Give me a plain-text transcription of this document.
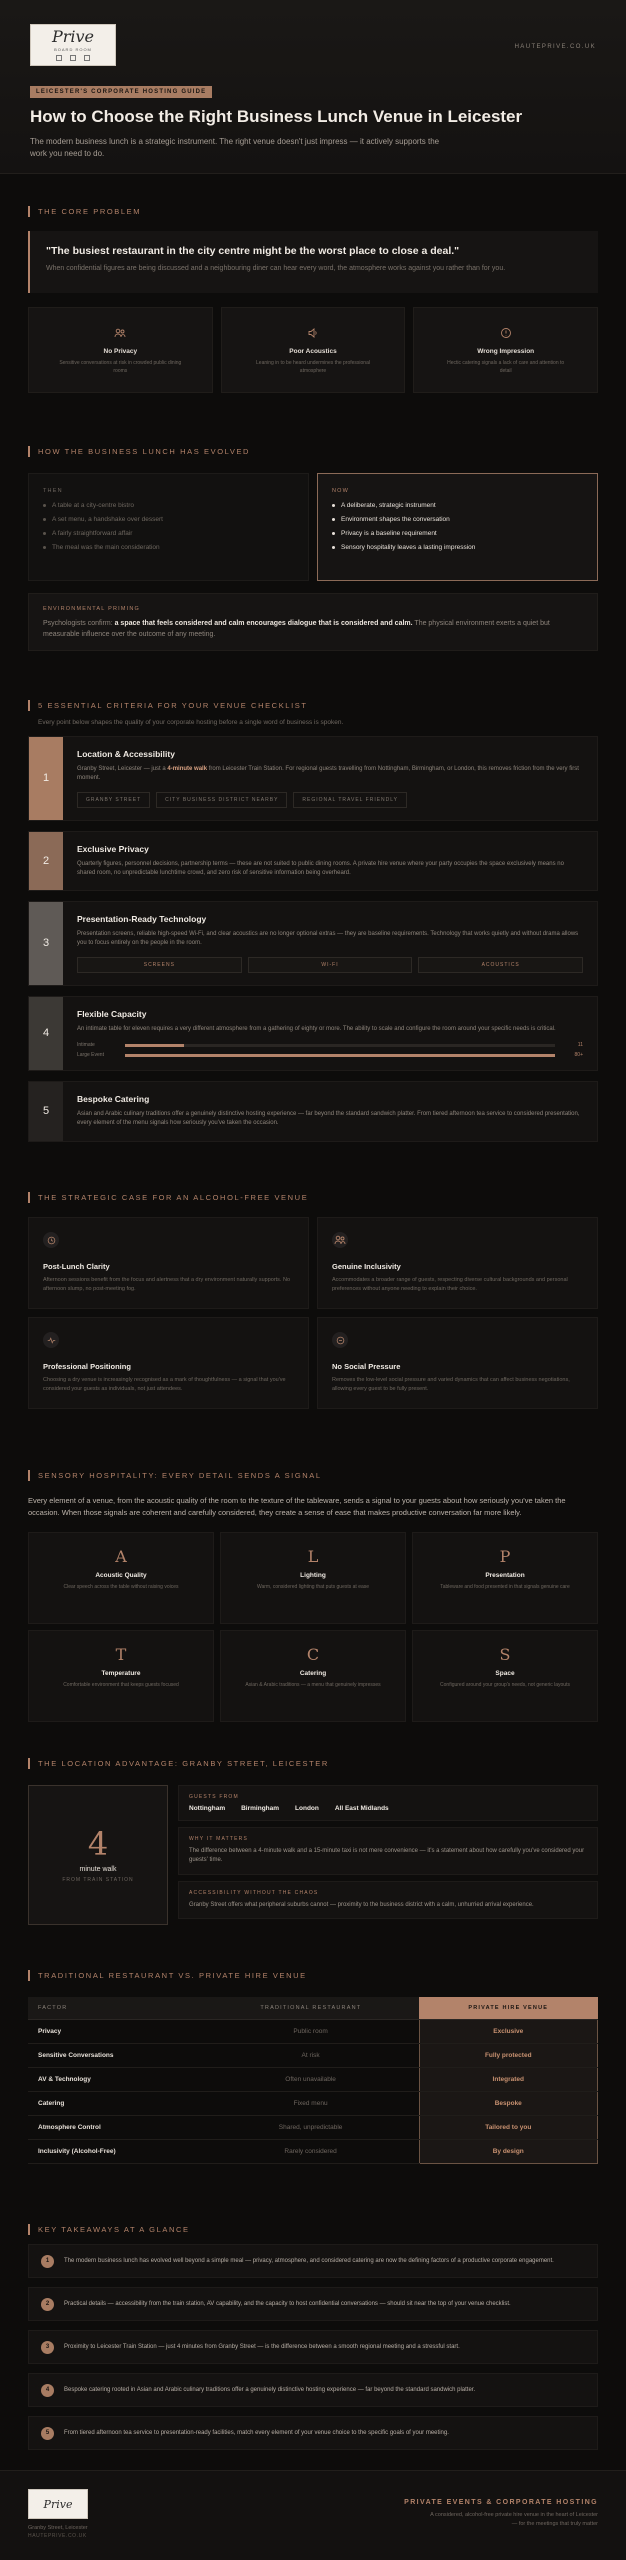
Prive
BOARD ROOM	HAUTEPRIVE.CO.UK
LEICESTER'S CORPORATE HOSTING GUIDE
How to Choose the Right Business Lunch Venue in Leicester

The modern business lunch is a strategic instrument. The right venue doesn't just impress — it actively supports the work you need to do.

THE CORE PROBLEM
"The busiest restaurant in the city centre might be the worst place to close a deal."
When confidential figures are being discussed and a neighbouring diner can hear every word, the atmosphere works against you rather than for you.
No Privacy
Sensitive conversations at risk in crowded public dining rooms
Poor Acoustics
Leaning in to be heard undermines the professional atmosphere
Wrong Impression
Hectic catering signals a lack of care and attention to detail
HOW THE BUSINESS LUNCH HAS EVOLVED
THEN
A table at a city-centre bistro
A set menu, a handshake over dessert
A fairly straightforward affair
The meal was the main consideration
NOW
A deliberate, strategic instrument
Environment shapes the conversation
Privacy is a baseline requirement
Sensory hospitality leaves a lasting impression
ENVIRONMENTAL PRIMING

Psychologists confirm: a space that feels considered and calm encourages dialogue that is considered and calm. The physical environment exerts a quiet but measurable influence over the outcome of any meeting.

5 ESSENTIAL CRITERIA FOR YOUR VENUE CHECKLIST
Every point below shapes the quality of your corporate hosting before a single word of business is spoken.
1
Location & Accessibility
Granby Street, Leicester — just a 4-minute walk from Leicester Train Station. For regional guests travelling from Nottingham, Birmingham, or London, this removes friction from the very first moment.
GRANBY STREET	CITY BUSINESS DISTRICT NEARBY	REGIONAL TRAVEL FRIENDLY
2
Exclusive Privacy
Quarterly figures, personnel decisions, partnership terms — these are not suited to public dining rooms. A private hire venue where your party occupies the space exclusively means no shared room, no unpredictable lunchtime crowd, and zero risk of sensitive information being overheard.
3
Presentation-Ready Technology
Presentation screens, reliable high-speed Wi-Fi, and clear acoustics are no longer optional extras — they are baseline requirements. Technology that works quietly and without drama allows you to focus entirely on the people in the room.
SCREENS	WI-FI	ACOUSTICS
4
Flexible Capacity
An intimate table for eleven requires a very different atmosphere from a gathering of eighty or more. The ability to scale and configure the room around your specific needs is critical.
Intimate	11
Large Event	80+
5
Bespoke Catering
Asian and Arabic culinary traditions offer a genuinely distinctive hosting experience — far beyond the standard sandwich platter. From tiered afternoon tea service to considered presentation, every element of the menu signals how seriously you've taken the occasion.
THE STRATEGIC CASE FOR AN ALCOHOL-FREE VENUE
Post-Lunch Clarity
Afternoon sessions benefit from the focus and alertness that a dry environment naturally supports. No afternoon slump, no post-meeting fog.
Genuine Inclusivity
Accommodates a broader range of guests, respecting diverse cultural backgrounds and personal preferences without anyone needing to explain their choice.
Professional Positioning
Choosing a dry venue is increasingly recognised as a mark of thoughtfulness — a signal that you've considered your guests as individuals, not just attendees.
No Social Pressure
Removes the low-level social pressure and varied dynamics that can affect business negotiations, allowing every guest to be fully present.
SENSORY HOSPITALITY: EVERY DETAIL SENDS A SIGNAL
Every element of a venue, from the acoustic quality of the room to the texture of the tableware, sends a signal to your guests about how seriously you've taken the occasion. When those signals are coherent and carefully considered, they create a sense of ease that makes productive conversation far more likely.
A
Acoustic Quality
Clear speech across the table without raising voices
L
Lighting
Warm, considered lighting that puts guests at ease
P
Presentation
Tableware and food presented in that signals genuine care
T
Temperature
Comfortable environment that keeps guests focused
C
Catering
Asian & Arabic traditions — a menu that genuinely impresses
S
Space
Configured around your group's needs, not generic layouts
THE LOCATION ADVANTAGE: GRANBY STREET, LEICESTER
4
minute walk
FROM TRAIN STATION
GUESTS FROM
Nottingham Birmingham London All East Midlands
WHY IT MATTERS

The difference between a 4-minute walk and a 15-minute taxi is not mere convenience — it's a statement about how carefully you've considered your guests' time.

ACCESSIBILITY WITHOUT THE CHAOS

Granby Street offers what peripheral suburbs cannot — proximity to the business district with a calm, unhurried arrival experience.

TRADITIONAL RESTAURANT VS. PRIVATE HIRE VENUE
FACTOR	TRADITIONAL RESTAURANT	PRIVATE HIRE VENUE
Privacy	Public room	Exclusive
Sensitive Conversations	At risk	Fully protected
AV & Technology	Often unavailable	Integrated
Catering	Fixed menu	Bespoke
Atmosphere Control	Shared, unpredictable	Tailored to you
Inclusivity (Alcohol-Free)	Rarely considered	By design
KEY TAKEAWAYS AT A GLANCE
1	The modern business lunch has evolved well beyond a simple meal — privacy, atmosphere, and considered catering are now the defining factors of a productive corporate engagement.
2	Practical details — accessibility from the train station, AV capability, and the capacity to host confidential conversations — should sit near the top of your venue checklist.
3	Proximity to Leicester Train Station — just 4 minutes from Granby Street — is the difference between a smooth regional meeting and a stressful start.
4	Bespoke catering rooted in Asian and Arabic culinary traditions offer a genuinely distinctive hosting experience — far beyond the standard sandwich platter.
5	From tiered afternoon tea service to presentation-ready facilities, match every element of your venue choice to the specific goals of your meeting.
Prive
Granby Street, Leicester
HAUTEPRIVE.CO.UK
PRIVATE EVENTS & CORPORATE HOSTING
A considered, alcohol-free private hire venue in the heart of Leicester
— for the meetings that truly matter
